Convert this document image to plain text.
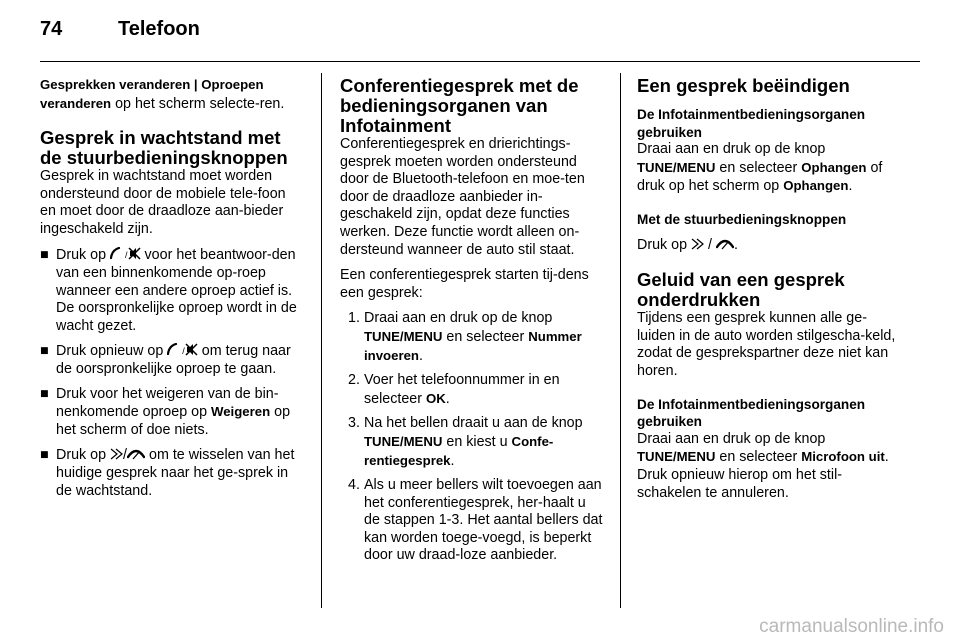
74	Telefoon

Gesprekken veranderen | Oproepen veranderen op het scherm selecte-ren.

Gesprek in wachtstand met de stuurbedieningsknoppen

Gesprek in wachtstand moet worden ondersteund door de mobiele tele-foon en moet door de draadloze aan-bieder ingeschakeld zijn.

■ Druk op / voor het beantwoor-den van een binnenkomende op-roep wanneer een andere oproep actief is. De oorspronkelijke oproep wordt in de wacht gezet.
■ Druk opnieuw op / om terug naar de oorspronkelijke oproep te gaan.
■ Druk voor het weigeren van de bin-nenkomende oproep op Weigeren op het scherm of doe niets.
■ Druk op / om te wisselen van het huidige gesprek naar het ge-sprek in de wachtstand.
Conferentiegesprek met de bedieningsorganen van Infotainment

Conferentiegesprek en drierichtings-gesprek moeten worden ondersteund door de Bluetooth-telefoon en moe-ten door de draadloze aanbieder in-geschakeld zijn, opdat deze functies werken. Deze functie wordt alleen on-dersteund wanneer de auto stil staat.

Een conferentiegesprek starten tij-dens een gesprek:

1. Draai aan en druk op de knop TUNE/MENU en selecteer Nummer invoeren.
2. Voer het telefoonnummer in en selecteer OK.
3. Na het bellen draait u aan de knop TUNE/MENU en kiest u Confe-rentiegesprek.
4. Als u meer bellers wilt toevoegen aan het conferentiegesprek, her-haalt u de stappen 1-3. Het aantal bellers dat kan worden toege-voegd, is beperkt door uw draad-loze aanbieder.
Een gesprek beëindigen
De Infotainmentbedieningsorganen gebruiken

Draai aan en druk op de knop TUNE/MENU en selecteer Ophangen of druk op het scherm op Ophangen.

Met de stuurbedieningsknoppen

Druk op  / .

Geluid van een gesprek onderdrukken

Tijdens een gesprek kunnen alle ge-luiden in de auto worden stilgescha-keld, zodat de gesprekspartner deze niet kan horen.

De Infotainmentbedieningsorganen gebruiken

Draai aan en druk op de knop TUNE/MENU en selecteer Microfoon uit. Druk opnieuw hierop om het stil-schakelen te annuleren.

carmanualsonline.info
